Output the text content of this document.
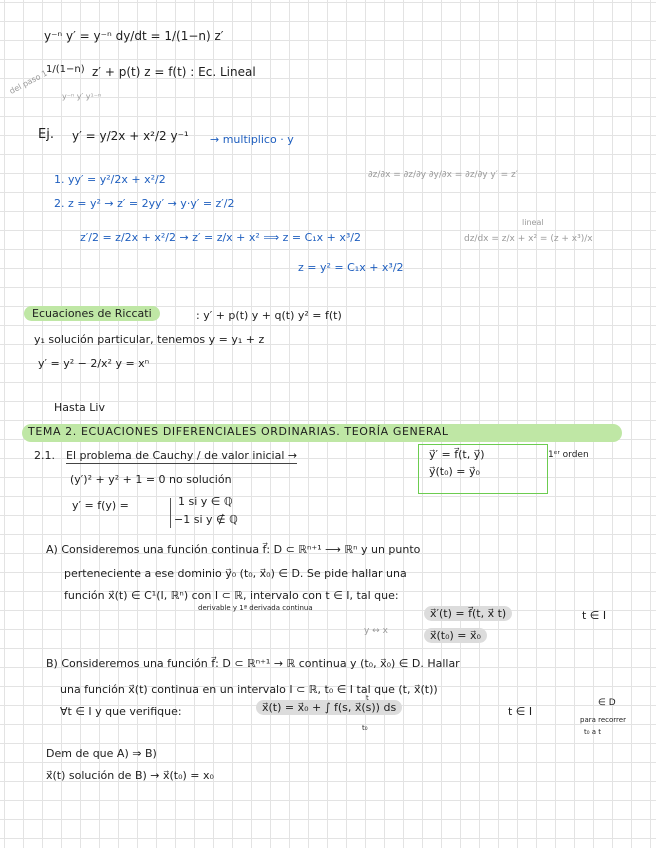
del paso 1
y⁻ⁿ y′ = y⁻ⁿ dy/dt = 1/(1−n) z′
1/(1−n) z′ + p(t) z = f(t) : Ec. Lineal
y⁻ⁿ y′ y¹⁻ⁿ
Ej. y′ = y/2x + x²/2 y⁻¹ → multiplico · y
1. yy′ = y²/2x + x²/2
2. z = y² → z′ = 2yy′ → y·y′ = z′/2
∂z/∂x = ∂z/∂y ∂y/∂x = ∂z/∂y y′ = z′
z′/2 = z/2x + x²/2 → z′ = z/x + x² ⟹ z = C₁x + x³/2
lineal
dz/dx = z/x + x² = (z + x³)/x
z = y² = C₁x + x³/2
Ecuaciones de Riccati	: y′ + p(t) y + q(t) y² = f(t)
y₁ solución particular, tenemos y = y₁ + z
y′ = y² − 2/x² y = xⁿ
Hasta Liv
TEMA 2. ECUACIONES DIFERENCIALES ORDINARIAS. TEORÍA GENERAL
2.1. El problema de Cauchy / de valor inicial →	y⃗′ = f⃗(t, y⃗)
y⃗(t₀) = y⃗₀
1ᵉʳ orden
(y′)² + y² + 1 = 0 no solución
y′ = f(y) =	1 si y ∈ ℚ
−1 si y ∉ ℚ
A) Consideremos una función continua f⃗: D ⊂ ℝⁿ⁺¹ ⟶ ℝⁿ y un punto
perteneciente a ese dominio y⃗₀ (t₀, x⃗₀) ∈ D. Se pide hallar una
función x⃗(t) ∈ C¹(I, ℝⁿ) con I ⊂ ℝ, intervalo con t ∈ I, tal que:
derivable y 1ª derivada continua	x⃗′(t) = f⃗(t, x⃗ t)	t ∈ I
x⃗(t₀) = x⃗₀
y ↔ x
B) Consideremos una función f⃗: D ⊂ ℝⁿ⁺¹ → ℝ continua y (t₀, x⃗₀) ∈ D. Hallar
una función x⃗(t) continua en un intervalo I ⊂ ℝ, t₀ ∈ I tal que (t, x⃗(t))
∀t ∈ I y que verifique:	x⃗(t) = x⃗₀ + ∫ f(s, x⃗(s)) ds
t
t₀
t ∈ I
∈ D
para recorrer
t₀ a t
Dem de que A) ⇒ B)
x⃗(t) solución de B) → x⃗(t₀) = x₀
